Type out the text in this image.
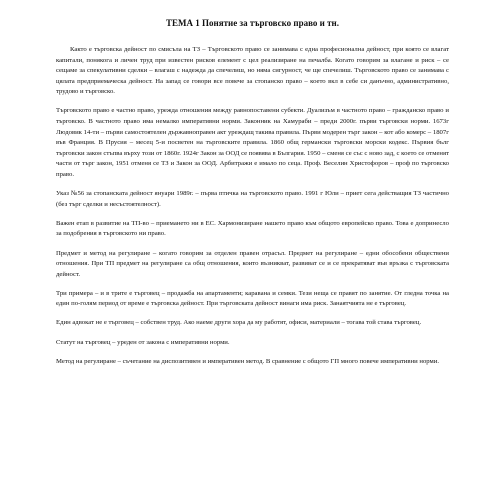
ТЕМА 1 Понятие за търговско право и тн.

Както е търговска дейност по смисъла на ТЗ – Търговското право се занимава с една професионална дейност, при която се влагат капитали, понякога и личен труд при известен рисков елемент с цел реализиране на печалба. Когато говорим за влагане и риск – се сещаме за спекулативни сделки – влагаш с надежда да спечелиш, но няма сигурност, че ще спечелиш. Търговското право се занимава с цялата предприемаческа дейност. На запад се говори все повече за стопанско право – което вкл в себе си данъчно, административно, трудово и търговско.

Търговското право е частно право, урежда отношения между равнопоставени субекти. Дуализъм в частното право – гражданско право и търговско. В частното право има немалко императивни норми. Законник на Хамураби – преди 2000г. първи търговски норми. 1673г Людовик 14-ти – първи самостоятелен държавноправен акт уреждащ такива правила. Първи модерен търг закон – кот або комерс – 1807г във Франция. В Прусия – месец 5-и посветен на търговските правила. 1860 общ германски търговски морски кодекс. Първия бълг търговски закон стъпва върху този от 1860г. 1924г Закон за ООД се появява в България. 1950 – сменя се със с ново зад, с което се отменят части от търг закон, 1951 отменя се ТЗ и Закон за ООД. Арбитражи е имало по сеца. Проф. Веселин Христофоров – проф по търговско право.

Указ №56 за стопанската дейност януари 1989г. – първа птичка на търговското право. 1991 г Юли – приет сега действащия ТЗ частично (без търг сделки и несъстоятелност).

Важен етап в развитие на ТП-во – приемането ни в ЕС. Хармонизиране нашето право към общото европейско право. Това е допринесло за подобрения в търговското ни право.

Предмет и метод на регулиране – когато говорим за отделен правен отрасъл. Предмет на регулиране – едни обособени обществени отношения. При ТП предмет на регулиране са общ отношения, които възникват, развиват се и се прекратяват във връзка с търговската дейност.

Три примера – и в трите е търговец – продажба на апартаменти; каравана и семки. Тези неща се правят по занятие. От гледна точка на един по-голям период от време е търговска дейност. При търговската дейност винаги има риск. Занаятчията не е търговец.

Един адвокат не е търговец – собствен труд. Ако наеме други хора да му работят, офиси, материали – тогава той става търговец.

Статут на търговец – уреден от закона с императивни норми.

Метод на регулиране – съчетание на диспозитивен и императивен метод. В сравнение с общото ГП много повече императивни норми.
